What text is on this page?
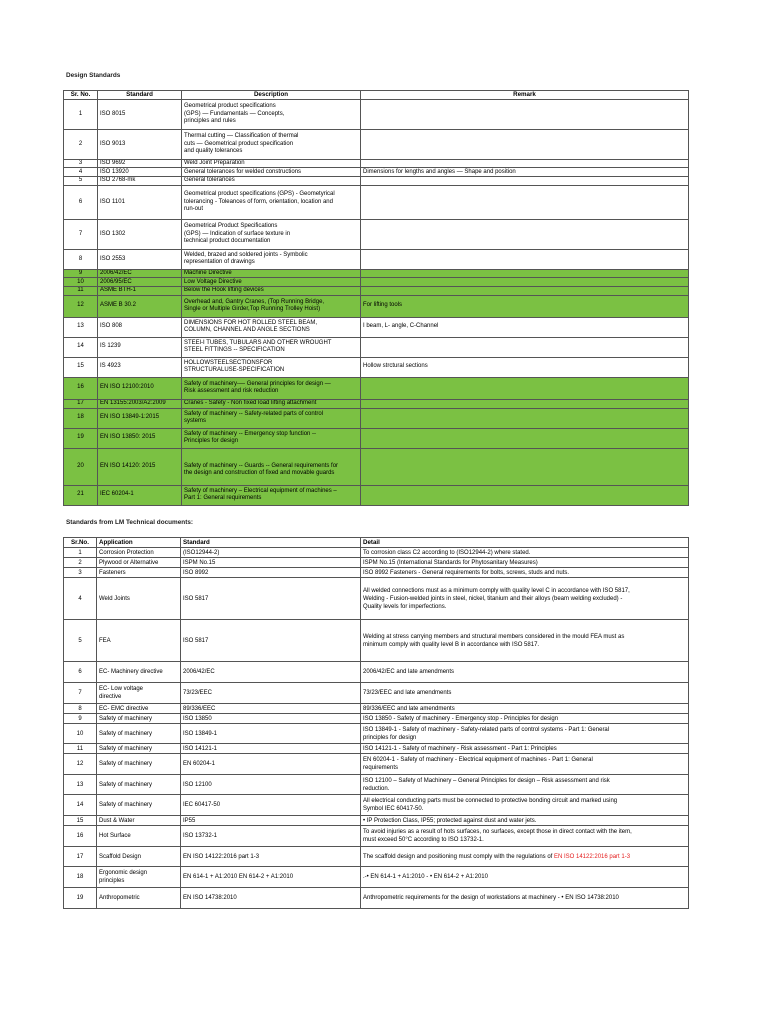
Design Standards
Sr. No.	Standard	Description	Remark
1	ISO 8015	Geometrical product specifications
(GPS) — Fundamentals — Concepts,
principles and rules	
2	ISO 9013	Thermal cutting — Classification of thermal
cuts — Geometrical product specification
and quality tolerances	
3	ISO 9692	Weld Joint Preparation	
4	ISO 13920	General tolerances for welded constructions	Dimensions for lengths and angles — Shape and position
5	ISO 2768-mk	General tolerances	
6	ISO 1101	Geometrical product specifications (GPS) - Geometyrical
tolerancing - Toleances of form, orientation, location and
run-out	
7	ISO 1302	Geometrical Product Specifications
(GPS) — Indication of surface texture in
technical product documentation	
8	ISO 2553	Welded, brazed and soldered joints - Symbolic
representation of drawings	
9	2006/42/EC	Machine Directive	
10	2006/95/EC	Low Voltage Directive	
11	ASME BTH-1	Below the Hook lifting devices	
12	ASME B 30.2	Overhead and, Gantry Cranes, (Top Running Bridge,
Single or Multiple Girder,Top Running Trolley Hoist)	For lifting tools
13	ISO 808	DIMENSIONS FOR HOT ROLLED STEEL BEAM,
COLUMN, CHANNEL AND ANGLE SECTIONS	I beam, L- angle, C-Channel
14	IS 1239	STEEl-I TUBES, TUBULARS AND OTHER WROUGHT
STEEL FITTINGS -- SPECIFICATION	
15	IS 4923	HOLLOWSTEELSECTIONSFOR
STRUCTURALUSE-SPECIFICATION	Hollow strctural sections
16	EN ISO 12100:2010	Safety of machinery-— General principles for design —
Risk assessment and risk reduction	
17	EN 13155:2003/A2:2009	Cranes - Safety - Non fixed load lifting attachment	
18	EN ISO 13849-1:2015	Safety of machinery -- Safety-related parts of control
systems	
19	EN ISO 13850: 2015	Safety of machinery -- Emergency stop function --
Principles for design	
20	EN ISO 14120: 2015	Safety of machinery -- Guards -- General requirements for
the design and construction of fixed and movable guards	
21	IEC 60204-1	Safety of machinery – Electrical equipment of machines –
Part 1: General requirements	
Standards from LM Technical documents:
Sr.No.	Application	Standard	Detail
1	Corrosion Protection	(ISO12944-2)	To corrosion class C2 according to (ISO12944-2) where stated.
2	Plywood or Alternative	ISPM No.15	ISPM No.15 (International Standards for Phytosanitary Measures)
3	Fasteners	ISO 8992	ISO 8992 Fasteners - General requirements for bolts, screws, studs and nuts.
4	Weld Joints	ISO 5817	All welded connections must as a minimum comply with quality level C in accordance with ISO 5817,
Welding - Fusion-welded joints in steel, nickel, titanium and their alloys (beam welding excluded) -
Quality levels for imperfections.
5	FEA	ISO 5817	Welding at stress carrying members and structural members considered in the mould FEA must as
minimum comply with quality level B in accordance with ISO 5817.
6	EC- Machinery directive	2006/42/EC	2006/42/EC and late amendments
7	EC- Low voltage
directive	73/23/EEC	73/23/EEC and late amendments
8	EC- EMC directive	89/336/EEC	89/336/EEC and late amendments
9	Safety of machinery	ISO 13850	ISO 13850 - Safety of machinery - Emergency stop - Principles for design
10	Safety of machinery	ISO 13849-1	ISO 13849-1 - Safety of machinery - Safety-related parts of control systems - Part 1: General
principles for design
11	Safety of machinery	ISO 14121-1	ISO 14121-1 - Safety of machinery - Risk assessment - Part 1: Principles
12	Safety of machinery	EN 60204-1	EN 60204-1 - Safety of machinery - Electrical equipment of machines - Part 1: General
requirements
13	Safety of machinery	ISO 12100	ISO 12100 – Safety of Machinery – General Principles for design – Risk assessment and risk
reduction.
14	Safety of machinery	IEC 60417-50	All electrical conducting parts must be connected to protective bonding circuit and marked using
Symbol IEC 60417-50.
15	Dust & Water	IP55	• IP Protection Class, IP55; protected against dust and water jets.
16	Hot Surface	ISO 13732-1	To avoid injuries as a result of hots surfaces, no surfaces, except those in direct contact with the item,
must exceed 50°C according to ISO 13732-1.
17	Scaffold Design	EN ISO 14122:2016 part 1-3	The scaffold design and positioning must comply with the regulations of EN ISO 14122:2016 part 1-3
18	Ergonomic design
principles	EN 614-1 + A1:2010 EN 614-2 + A1:2010	.-• EN 614-1 + A1:2010 - • EN 614-2 + A1:2010
19	Anthropometric	EN ISO 14738:2010	Anthropometric requirements for the design of workstations at machinery - • EN ISO 14738:2010
